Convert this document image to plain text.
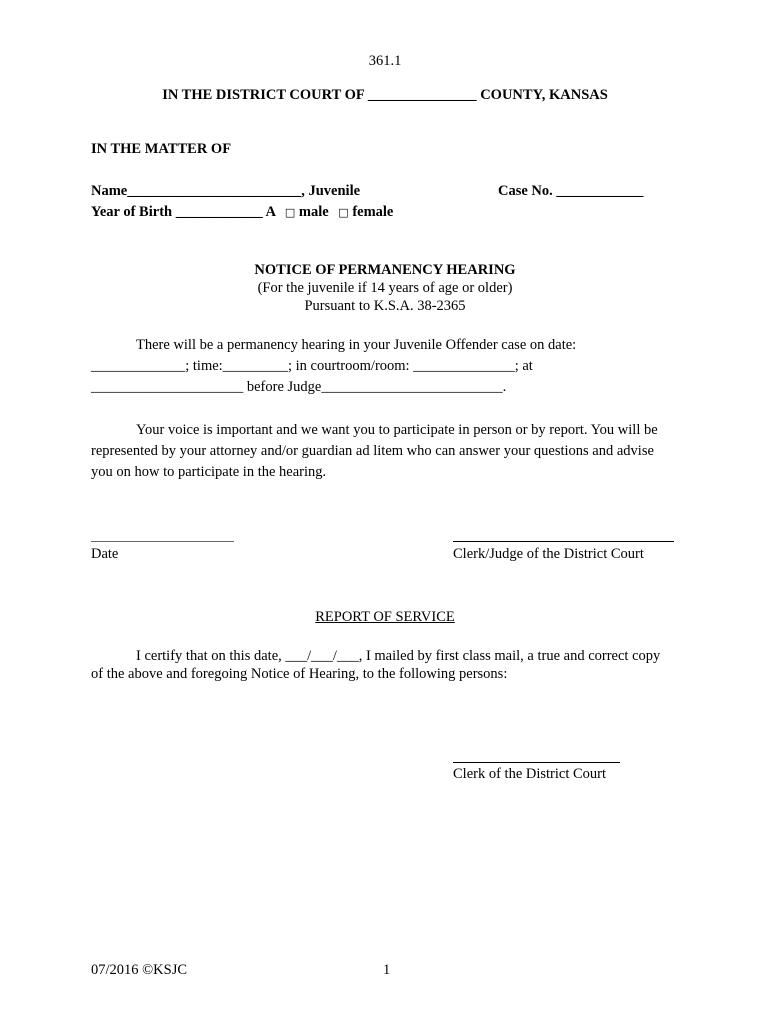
361.1
IN THE DISTRICT COURT OF _______________ COUNTY, KANSAS
IN THE MATTER OF
Name________________________, Juvenile	Case No. ____________
Year of Birth ____________ A □ male □ female
NOTICE OF PERMANENCY HEARING
(For the juvenile if 14 years of age or older)
Pursuant to K.S.A. 38-2365
There will be a permanency hearing in your Juvenile Offender case on date:
_____________; time:_________; in courtroom/room: ______________; at
_____________________ before Judge_________________________.
Your voice is important and we want you to participate in person or by report. You will be
represented by your attorney and/or guardian ad litem who can answer your questions and advise
you on how to participate in the hearing.
Date	Clerk/Judge of the District Court
REPORT OF SERVICE
I certify that on this date, ___/___/___, I mailed by first class mail, a true and correct copy
of the above and foregoing Notice of Hearing, to the following persons:
Clerk of the District Court
07/2016 ©KSJC	1
